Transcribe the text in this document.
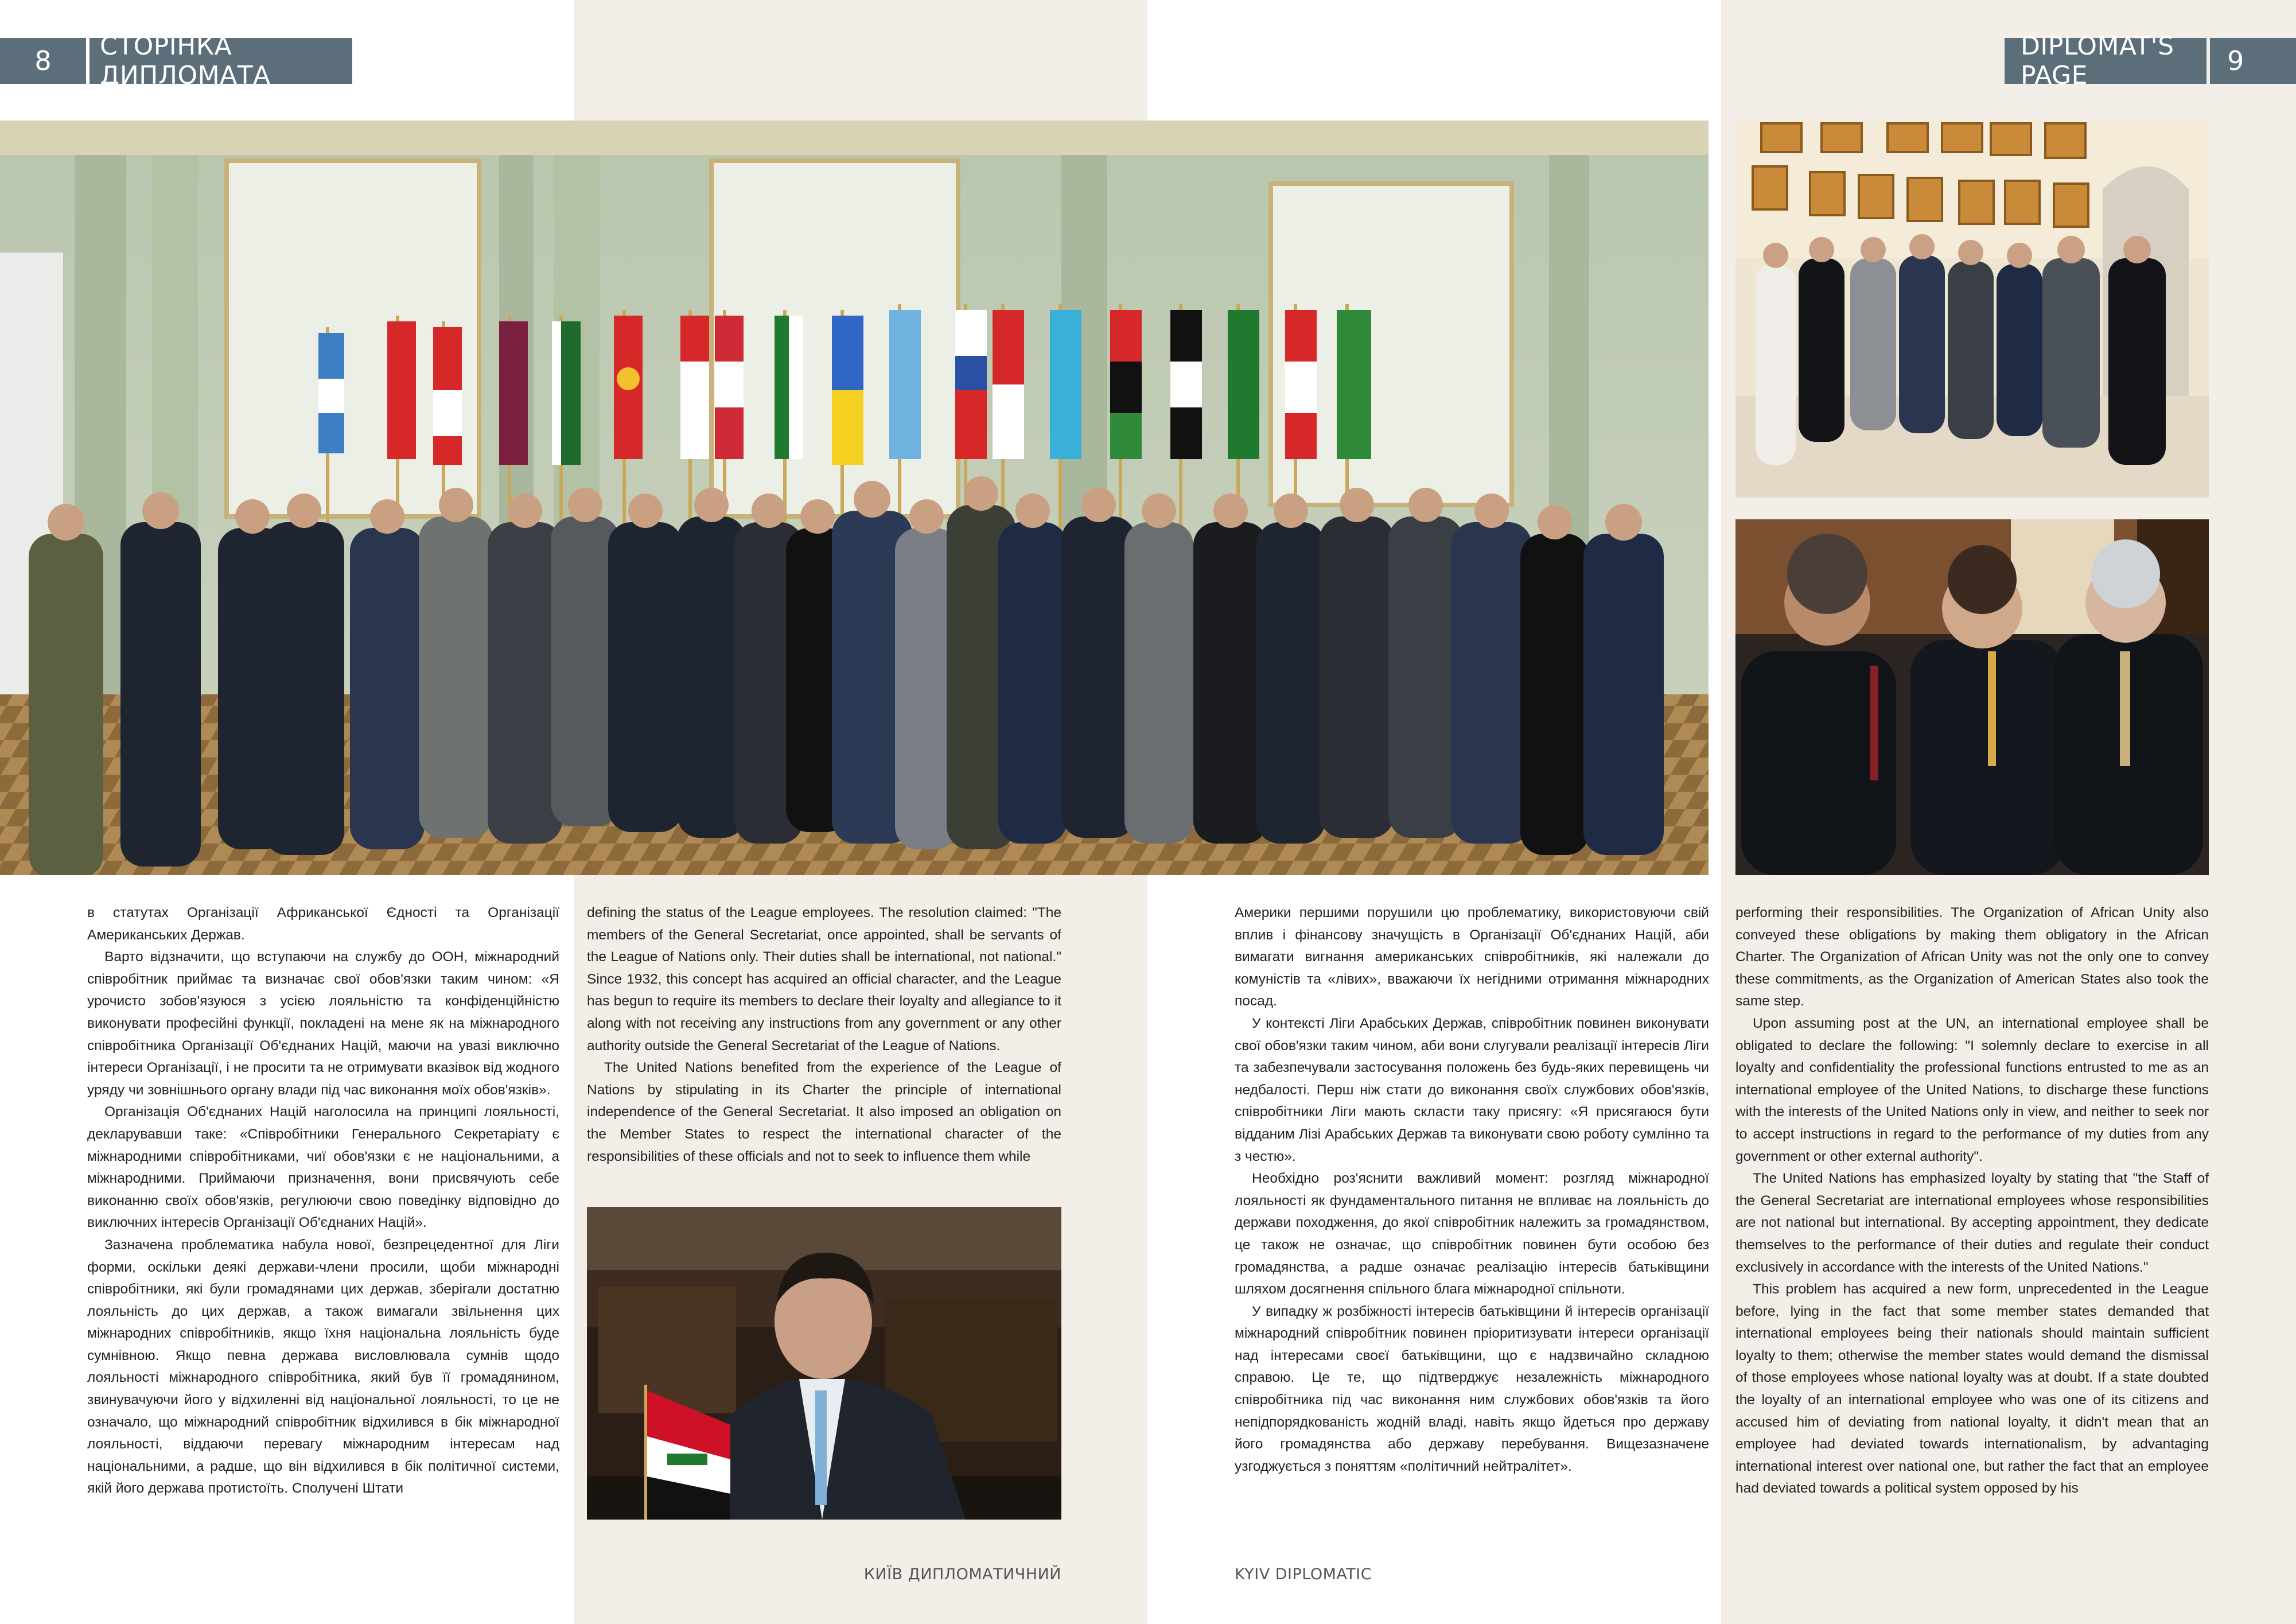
8	СТОРІНКА ДИПЛОМАТА
DIPLOMAT'S PAGE	9

в статутах Організації Африканської Єдності та Організації Американських Держав.

Варто відзначити, що вступаючи на службу до ООН, міжнародний співробітник приймає та визначає свої обов'язки таким чином: «Я урочисто зобов'язуюся з усією лояльністю та конфіденційністю виконувати професійні функції, покладені на мене як на міжнародного співробітника Організації Об'єднаних Націй, маючи на увазі виключно інтереси Організації, і не просити та не отримувати вказівок від жодного уряду чи зовнішнього органу влади під час виконання моїх обов'язків».

Організація Об'єднаних Націй наголосила на принципі лояльності, декларувавши таке: «Співробітники Генерального Секретаріату є міжнародними співробітниками, чиї обов'язки є не національними, а міжнародними. Приймаючи призначення, вони присвячують себе виконанню своїх обов'язків, регулюючи свою поведінку відповідно до виключних інтересів Організації Об'єднаних Націй».

Зазначена проблематика набула нової, безпрецедентної для Ліги форми, оскільки деякі держави-члени просили, щоби міжнародні співробітники, які були громадянами цих держав, зберігали достатню лояльність до цих держав, а також вимагали звільнення цих міжнародних співробітників, якщо їхня національна лояльність буде сумнівною. Якщо певна держава висловлювала сумнів щодо лояльності міжнародного співробітника, який був її громадянином, звинувачуючи його у відхиленні від національної лояльності, то це не означало, що міжнародний співробітник відхилився в бік міжнародної лояльності, віддаючи перевагу міжнародним інтересам над національними, а радше, що він відхилився в бік політичної системи, якій його держава протистоїть. Сполучені Штати

defining the status of the League employees. The resolution claimed: "The members of the General Secretariat, once appointed, shall be servants of the League of Nations only. Their duties shall be international, not national." Since 1932, this concept has acquired an official character, and the League has begun to require its members to declare their loyalty and allegiance to it along with not receiving any instructions from any government or any other authority outside the General Secretariat of the League of Nations.

The United Nations benefited from the experience of the League of Nations by stipulating in its Charter the principle of international independence of the General Secretariat. It also imposed an obligation on the Member States to respect the international character of the responsibilities of these officials and not to seek to influence them while

Америки першими порушили цю проблематику, використовуючи свій вплив і фінансову значущість в Організації Об'єднаних Націй, аби вимагати вигнання американських співробітників, які належали до комуністів та «лівих», вважаючи їх негідними отримання міжнародних посад.

У контексті Ліги Арабських Держав, співробітник повинен виконувати свої обов'язки таким чином, аби вони слугували реалізації інтересів Ліги та забезпечували застосування положень без будь-яких перевищень чи недбалості. Перш ніж стати до виконання своїх службових обов'язків, співробітники Ліги мають скласти таку присягу: «Я присягаюся бути відданим Лізі Арабських Держав та виконувати свою роботу сумлінно та з честю».

Необхідно роз'яснити важливий момент: розгляд міжнародної лояльності як фундаментального питання не впливає на лояльність до держави походження, до якої співробітник належить за громадянством, це також не означає, що співробітник повинен бути особою без громадянства, а радше означає реалізацію інтересів батьківщини шляхом досягнення спільного блага міжнародної спільноти.

У випадку ж розбіжності інтересів батьківщини й інтересів організації міжнародний співробітник повинен пріоритизувати інтереси організації над інтересами своєї батьківщини, що є надзвичайно складною справою. Це те, що підтверджує незалежність міжнародного співробітника під час виконання ним службових обов'язків та його непідпорядкованість жодній владі, навіть якщо йдеться про державу його громадянства або державу перебування. Вищезазначене узгоджується з поняттям «політичний нейтралітет».

performing their responsibilities. The Organization of African Unity also conveyed these obligations by making them obligatory in the African Charter. The Organization of African Unity was not the only one to convey these commitments, as the Organization of American States also took the same step.

Upon assuming post at the UN, an international employee shall be obligated to declare the following: "I solemnly declare to exercise in all loyalty and confidentiality the professional functions entrusted to me as an international employee of the United Nations, to discharge these functions with the interests of the United Nations only in view, and neither to seek nor to accept instructions in regard to the performance of my duties from any government or other external authority".

The United Nations has emphasized loyalty by stating that "the Staff of the General Secretariat are international employees whose responsibilities are not national but international. By accepting appointment, they dedicate themselves to the performance of their duties and regulate their conduct exclusively in accordance with the interests of the United Nations."

This problem has acquired a new form, unprecedented in the League before, lying in the fact that some member states demanded that international employees being their nationals should maintain sufficient loyalty to them; otherwise the member states would demand the dismissal of those employees whose national loyalty was at doubt. If a state doubted the loyalty of an international employee who was one of its citizens and accused him of deviating from national loyalty, it didn't mean that an employee had deviated towards internationalism, by advantaging international interest over national one, but rather the fact that an employee had deviated towards a political system opposed by his

КИЇВ ДИПЛОМАТИЧНИЙ	KYIV DIPLOMATIC
